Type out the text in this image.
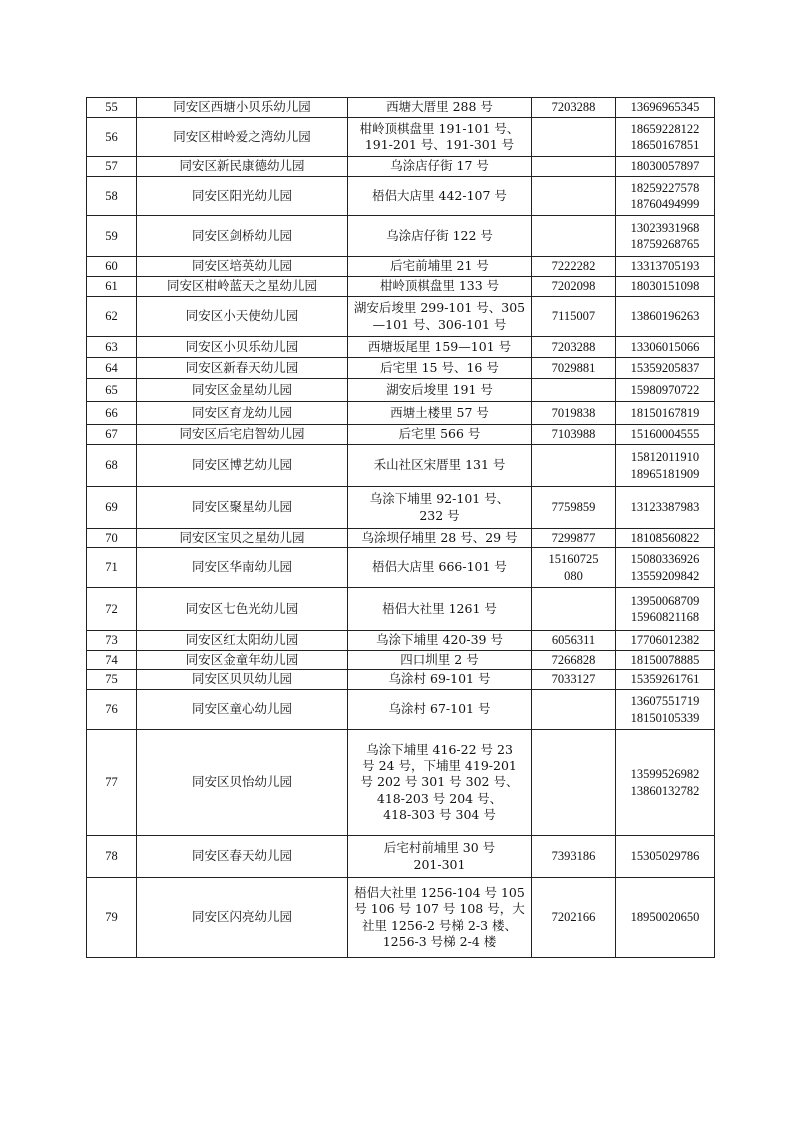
55	同安区西塘小贝乐幼儿园	西塘大厝里 288 号	7203288	13696965345

56	同安区柑岭爱之湾幼儿园	柑岭顶棋盘里 191-101 号、
191-201 号、191-301 号		18659228122
18650167851

57	同安区新民康德幼儿园	乌涂店仔街 17 号		18030057897

58	同安区阳光幼儿园	梧侣大店里 442-107 号		18259227578
18760494999

59	同安区剑桥幼儿园	乌涂店仔街 122 号		13023931968
18759268765

60	同安区培英幼儿园	后宅前埔里 21 号	7222282	13313705193

61	同安区柑岭蓝天之星幼儿园	柑岭顶棋盘里 133 号	7202098	18030151098

62	同安区小天使幼儿园	湖安后埈里 299-101 号、305
—101 号、306-101 号	7115007	13860196263

63	同安区小贝乐幼儿园	西塘坂尾里 159—101 号	7203288	13306015066

64	同安区新春天幼儿园	后宅里 15 号、16 号	7029881	15359205837

65	同安区金星幼儿园	湖安后埈里 191 号		15980970722

66	同安区育龙幼儿园	西塘土楼里 57 号	7019838	18150167819

67	同安区后宅启智幼儿园	后宅里 566 号	7103988	15160004555

68	同安区博艺幼儿园	禾山社区宋厝里 131 号		15812011910
18965181909

69	同安区聚星幼儿园	乌涂下埔里 92-101 号、
232 号	7759859	13123387983

70	同安区宝贝之星幼儿园	乌涂坝仔埔里 28 号、29 号	7299877	18108560822

71	同安区华南幼儿园	梧侣大店里 666-101 号	15160725
080	15080336926
13559209842

72	同安区七色光幼儿园	梧侣大社里 1261 号		13950068709
15960821168

73	同安区红太阳幼儿园	乌涂下埔里 420-39 号	6056311	17706012382

74	同安区金童年幼儿园	四口圳里 2 号	7266828	18150078885

75	同安区贝贝幼儿园	乌涂村 69-101 号	7033127	15359261761

76	同安区童心幼儿园	乌涂村 67-101 号		13607551719
18150105339

77	同安区贝怡幼儿园	乌涂下埔里 416-22 号 23
号 24 号，下埔里 419-201
号 202 号 301 号 302 号、
418-203 号 204 号、
418-303 号 304 号		13599526982
13860132782

78	同安区春天幼儿园	后宅村前埔里 30 号
201-301	7393186	15305029786

79	同安区闪亮幼儿园	梧侣大社里 1256-104 号 105
号 106 号 107 号 108 号，大
社里 1256-2 号梯 2-3 楼、
1256-3 号梯 2-4 楼	7202166	18950020650
